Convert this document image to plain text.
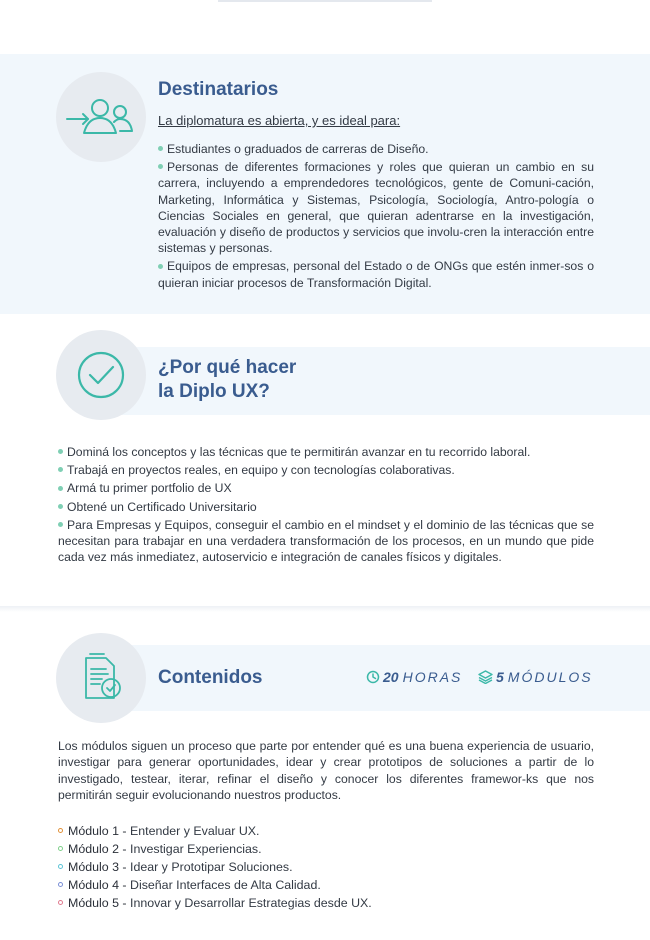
Destinatarios
La diplomatura es abierta, y es ideal para:
Estudiantes o graduados de carreras de Diseño.
Personas de diferentes formaciones y roles que quieran un cambio en su carrera, incluyendo a emprendedores tecnológicos, gente de Comuni-cación, Marketing, Informática y Sistemas, Psicología, Sociología, Antro-pología o Ciencias Sociales en general, que quieran adentrarse en la investigación, evaluación y diseño de productos y servicios que involu-cren la interacción entre sistemas y personas.
Equipos de empresas, personal del Estado o de ONGs que estén inmer-sos o quieran iniciar procesos de Transformación Digital.
¿Por qué hacer
la Diplo UX?
Dominá los conceptos y las técnicas que te permitirán avanzar en tu recorrido laboral.
Trabajá en proyectos reales, en equipo y con tecnologías colaborativas.
Armá tu primer portfolio de UX
Obtené un Certificado Universitario
Para Empresas y Equipos, conseguir el cambio en el mindset y el dominio de las técnicas que se necesitan para trabajar en una verdadera transformación de los procesos, en un mundo que pide cada vez más inmediatez, autoservicio e integración de canales físicos y digitales.
Contenidos	20 HORAS	5 MÓDULOS
Los módulos siguen un proceso que parte por entender qué es una buena experiencia de usuario, investigar para generar oportunidades, idear y crear prototipos de soluciones a partir de lo investigado, testear, iterar, refinar el diseño y conocer los diferentes framewor-ks que nos permitirán seguir evolucionando nuestros productos.
Módulo 1 - Entender y Evaluar UX.
Módulo 2 - Investigar Experiencias.
Módulo 3 - Idear y Prototipar Soluciones.
Módulo 4 - Diseñar Interfaces de Alta Calidad.
Módulo 5 - Innovar y Desarrollar Estrategias desde UX.
